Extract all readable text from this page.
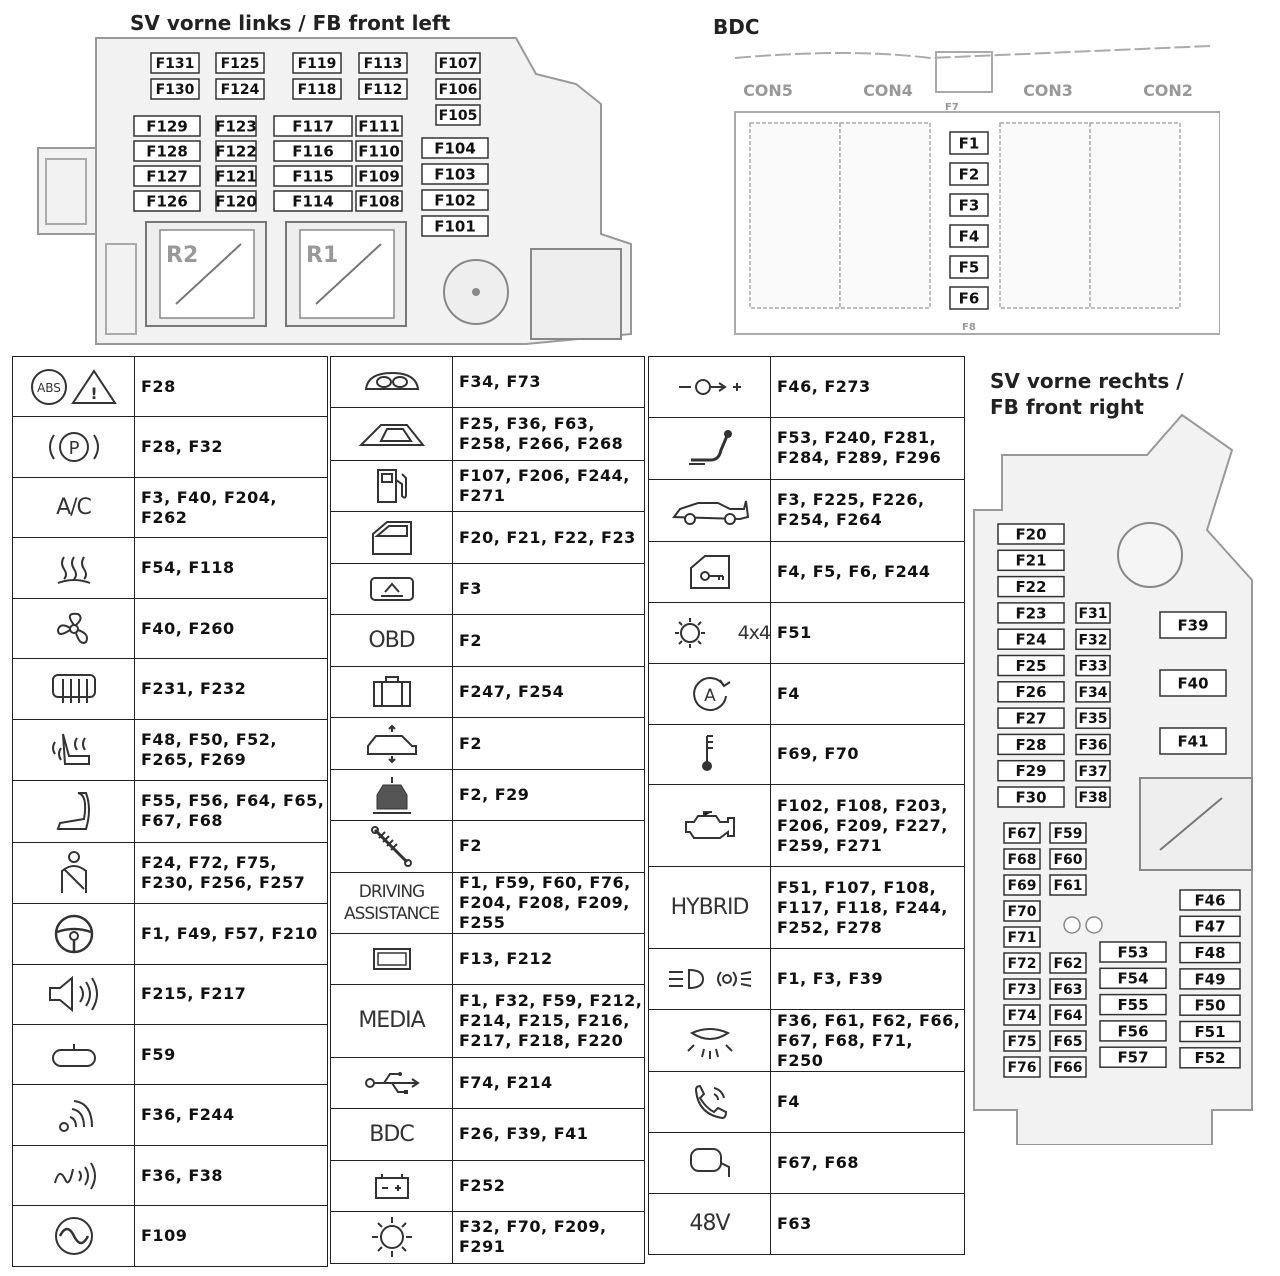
SV vorne links / FB front left	BDC
SV vorne rechts /
FB front right
R2	R1
F131
F130
F125
F124
F119
F118
F113
F112
F107
F106
F105
F129
F128
F127
F126
F123
F122
F121
F120
F117
F116
F115
F114
F111
F110
F109
F108
F104
F103
F102
F101
CON5	CON4	CON3	CON2
F1
F2
F3
F4
F5
F6
F7
F8
F20
F21
F22
F23
F24
F25
F26
F27
F28
F29
F30
F31
F32
F33
F34
F35
F36
F37
F38
F39
F40
F41
F67
F68
F69
F70
F71
F72
F73
F74
F75
F76
F59
F60
F61
F62
F63
F64
F65
F66
F53
F54
F55
F56
F57
F46
F47
F48
F49
F50
F51
F52
ABS !	F28

P	F28, F32

A/C	F3, F40, F204, F262

	F54, F118

	F40, F260

	F231, F232

	F48, F50, F52, F265, F269

	F55, F56, F64, F65, F67, F68

	F24, F72, F75, F230, F256, F257

	F1, F49, F57, F210

	F215, F217

	F59

	F36, F244

	F36, F38

	F109
	F34, F73

	F25, F36, F63, F258, F266, F268

	F107, F206, F244, F271

	F20, F21, F22, F23

	F3

OBD	F2

	F247, F254

	F2

	F2, F29

	F2

DRIVING
ASSISTANCE	F1, F59, F60, F76, F204, F208, F209, F255

	F13, F212

MEDIA	F1, F32, F59, F212, F214, F215, F216, F217, F218, F220

	F74, F214

BDC	F26, F39, F41

	F252

	F32, F70, F209, F291
	F46, F273

	F53, F240, F281, F284, F289, F296

	F3, F225, F226, F254, F264

	F4, F5, F6, F244

4x4	F51

A	F4

	F69, F70

	F102, F108, F203, F206, F209, F227, F259, F271

HYBRID	F51, F107, F108, F117, F118, F244, F252, F278

	F1, F3, F39

	F36, F61, F62, F66, F67, F68, F71, F250

	F4

	F67, F68

48V	F63
